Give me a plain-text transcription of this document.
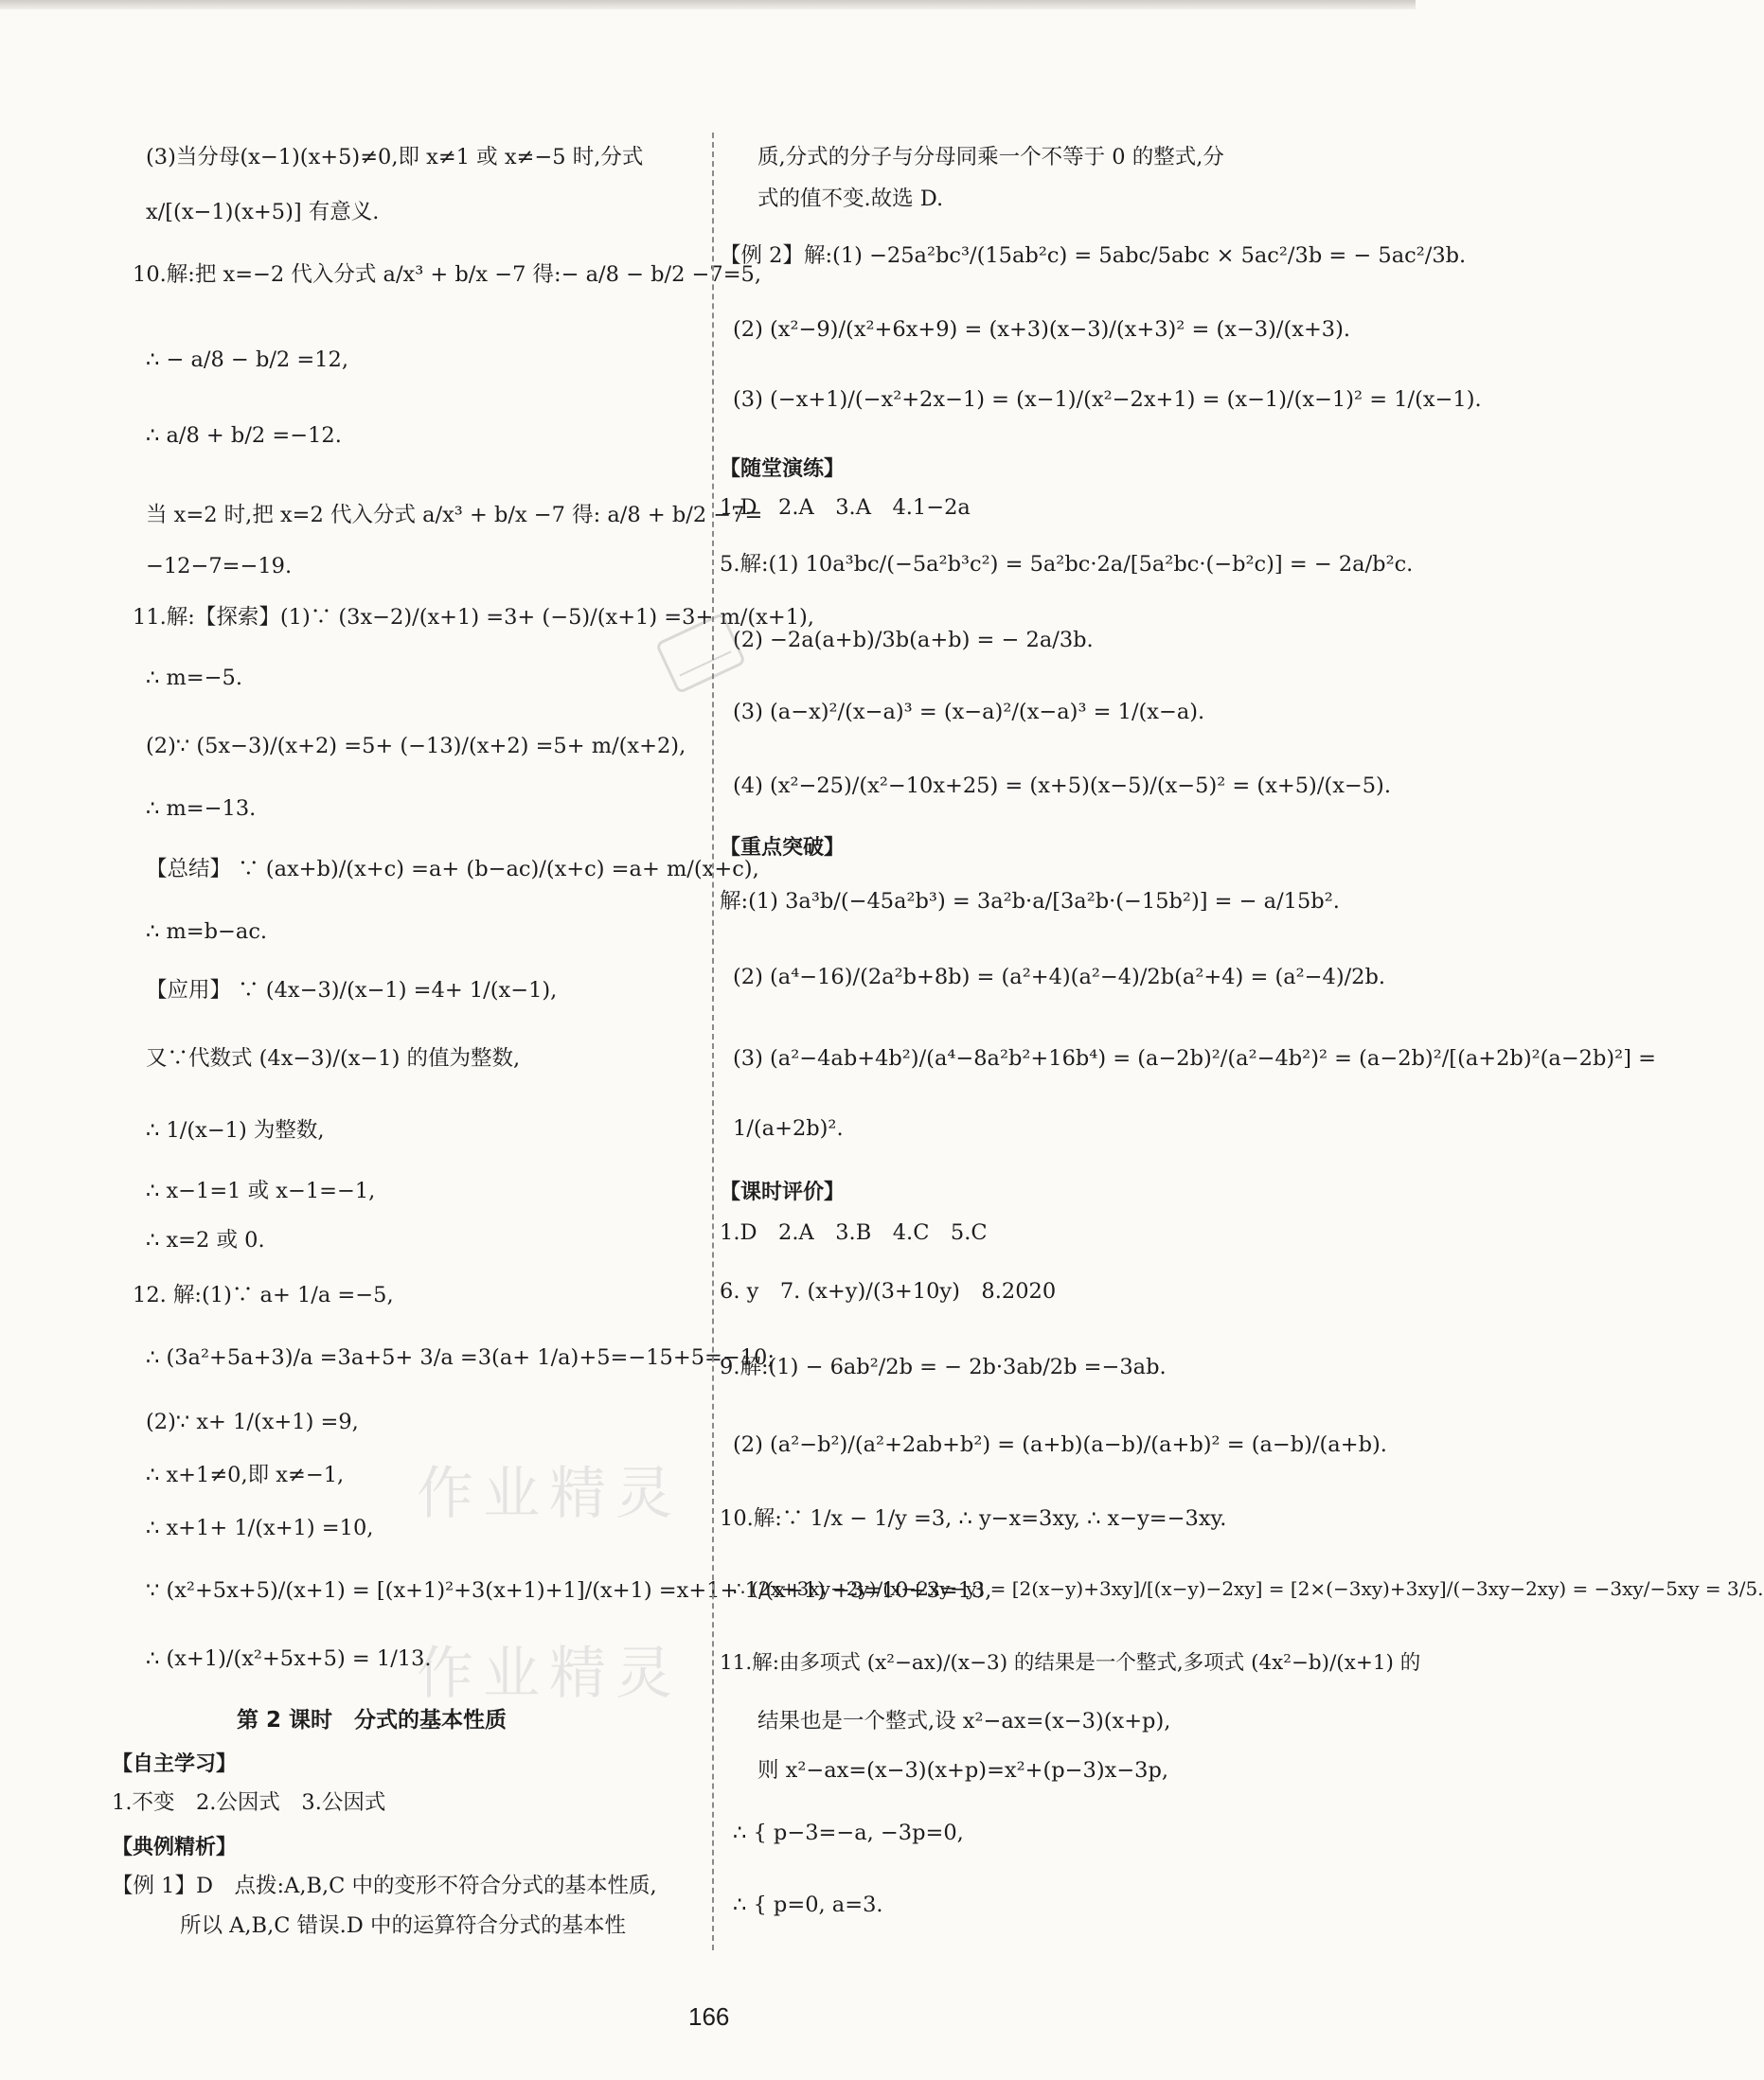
(3)当分母(x−1)(x+5)≠0,即 x≠1 或 x≠−5 时,分式
x/[(x−1)(x+5)] 有意义.
10.解:把 x=−2 代入分式 a/x³ + b/x −7 得:− a/8 − b/2 −7=5,
∴ − a/8 − b/2 =12,
∴ a/8 + b/2 =−12.
当 x=2 时,把 x=2 代入分式 a/x³ + b/x −7 得: a/8 + b/2 −7=
−12−7=−19.
11.解:【探索】(1)∵ (3x−2)/(x+1) =3+ (−5)/(x+1) =3+ m/(x+1),
∴ m=−5.
(2)∵ (5x−3)/(x+2) =5+ (−13)/(x+2) =5+ m/(x+2),
∴ m=−13.
【总结】 ∵ (ax+b)/(x+c) =a+ (b−ac)/(x+c) =a+ m/(x+c),
∴ m=b−ac.
【应用】 ∵ (4x−3)/(x−1) =4+ 1/(x−1),
又∵代数式 (4x−3)/(x−1) 的值为整数,
∴ 1/(x−1) 为整数,
∴ x−1=1 或 x−1=−1,
∴ x=2 或 0.
12. 解:(1)∵ a+ 1/a =−5,
∴ (3a²+5a+3)/a =3a+5+ 3/a =3(a+ 1/a)+5=−15+5=−10;
(2)∵ x+ 1/(x+1) =9,
∴ x+1≠0,即 x≠−1,
∴ x+1+ 1/(x+1) =10,
∵ (x²+5x+5)/(x+1) = [(x+1)²+3(x+1)+1]/(x+1) =x+1+ 1/(x+1) +3=10+3=13,
∴ (x+1)/(x²+5x+5) = 1/13.
第 2 课时　分式的基本性质
【自主学习】
1.不变　2.公因式　3.公因式
【典例精析】
【例 1】D　点拨:A,B,C 中的变形不符合分式的基本性质,
所以 A,B,C 错误.D 中的运算符合分式的基本性
质,分式的分子与分母同乘一个不等于 0 的整式,分
式的值不变.故选 D.
【例 2】解:(1) −25a²bc³/(15ab²c) = 5abc/5abc × 5ac²/3b = − 5ac²/3b.
(2) (x²−9)/(x²+6x+9) = (x+3)(x−3)/(x+3)² = (x−3)/(x+3).
(3) (−x+1)/(−x²+2x−1) = (x−1)/(x²−2x+1) = (x−1)/(x−1)² = 1/(x−1).
【随堂演练】
1.D　2.A　3.A　4.1−2a
5.解:(1) 10a³bc/(−5a²b³c²) = 5a²bc·2a/[5a²bc·(−b²c)] = − 2a/b²c.
(2) −2a(a+b)/3b(a+b) = − 2a/3b.
(3) (a−x)²/(x−a)³ = (x−a)²/(x−a)³ = 1/(x−a).
(4) (x²−25)/(x²−10x+25) = (x+5)(x−5)/(x−5)² = (x+5)/(x−5).
【重点突破】
解:(1) 3a³b/(−45a²b³) = 3a²b·a/[3a²b·(−15b²)] = − a/15b².
(2) (a⁴−16)/(2a²b+8b) = (a²+4)(a²−4)/2b(a²+4) = (a²−4)/2b.
(3) (a²−4ab+4b²)/(a⁴−8a²b²+16b⁴) = (a−2b)²/(a²−4b²)² = (a−2b)²/[(a+2b)²(a−2b)²] =
1/(a+2b)².
【课时评价】
1.D　2.A　3.B　4.C　5.C
6. y　7. (x+y)/(3+10y)　8.2020
9.解:(1) − 6ab²/2b = − 2b·3ab/2b =−3ab.
(2) (a²−b²)/(a²+2ab+b²) = (a+b)(a−b)/(a+b)² = (a−b)/(a+b).
10.解:∵ 1/x − 1/y =3, ∴ y−x=3xy, ∴ x−y=−3xy.
∴ (2x+3xy−2y)/(x−2xy−y) = [2(x−y)+3xy]/[(x−y)−2xy] = [2×(−3xy)+3xy]/(−3xy−2xy) = −3xy/−5xy = 3/5.
11.解:由多项式 (x²−ax)/(x−3) 的结果是一个整式,多项式 (4x²−b)/(x+1) 的
结果也是一个整式,设 x²−ax=(x−3)(x+p),
则 x²−ax=(x−3)(x+p)=x²+(p−3)x−3p,
∴ { p−3=−a, −3p=0,
∴ { p=0, a=3.
作业精灵
作业精灵
166
